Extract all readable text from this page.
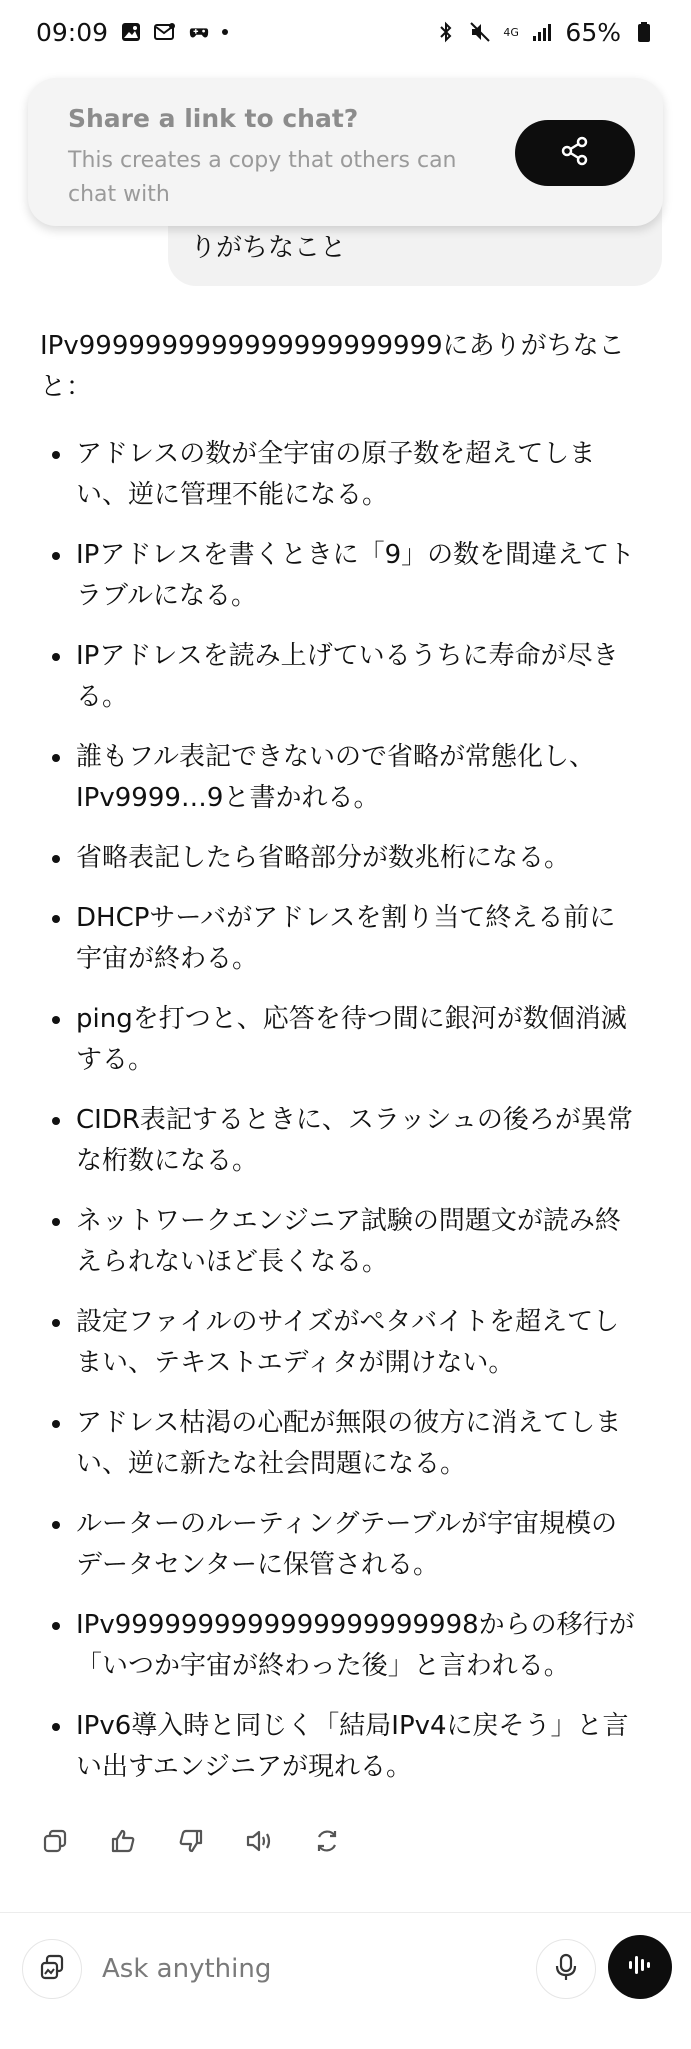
09:09	4G 65%

Share a link to chat?

This creates a copy that others can chat with

りがちなこと

IPv9999999999999999999999にありがちなこと：

アドレスの数が全宇宙の原子数を超えてしまい、逆に管理不能になる。
IPアドレスを書くときに「9」の数を間違えてトラブルになる。
IPアドレスを読み上げているうちに寿命が尽きる。
誰もフル表記できないので省略が常態化し、IPv9999…9と書かれる。
省略表記したら省略部分が数兆桁になる。
DHCPサーバがアドレスを割り当て終える前に宇宙が終わる。
pingを打つと、応答を待つ間に銀河が数個消滅する。
CIDR表記するときに、スラッシュの後ろが異常な桁数になる。
ネットワークエンジニア試験の問題文が読み終えられないほど長くなる。
設定ファイルのサイズがペタバイトを超えてしまい、テキストエディタが開けない。
アドレス枯渇の心配が無限の彼方に消えてしまい、逆に新たな社会問題になる。
ルーターのルーティングテーブルが宇宙規模のデータセンターに保管される。
IPv9999999999999999999998からの移行が「いつか宇宙が終わった後」と言われる。
IPv6導入時と同じく「結局IPv4に戻そう」と言い出すエンジニアが現れる。
Ask anything
